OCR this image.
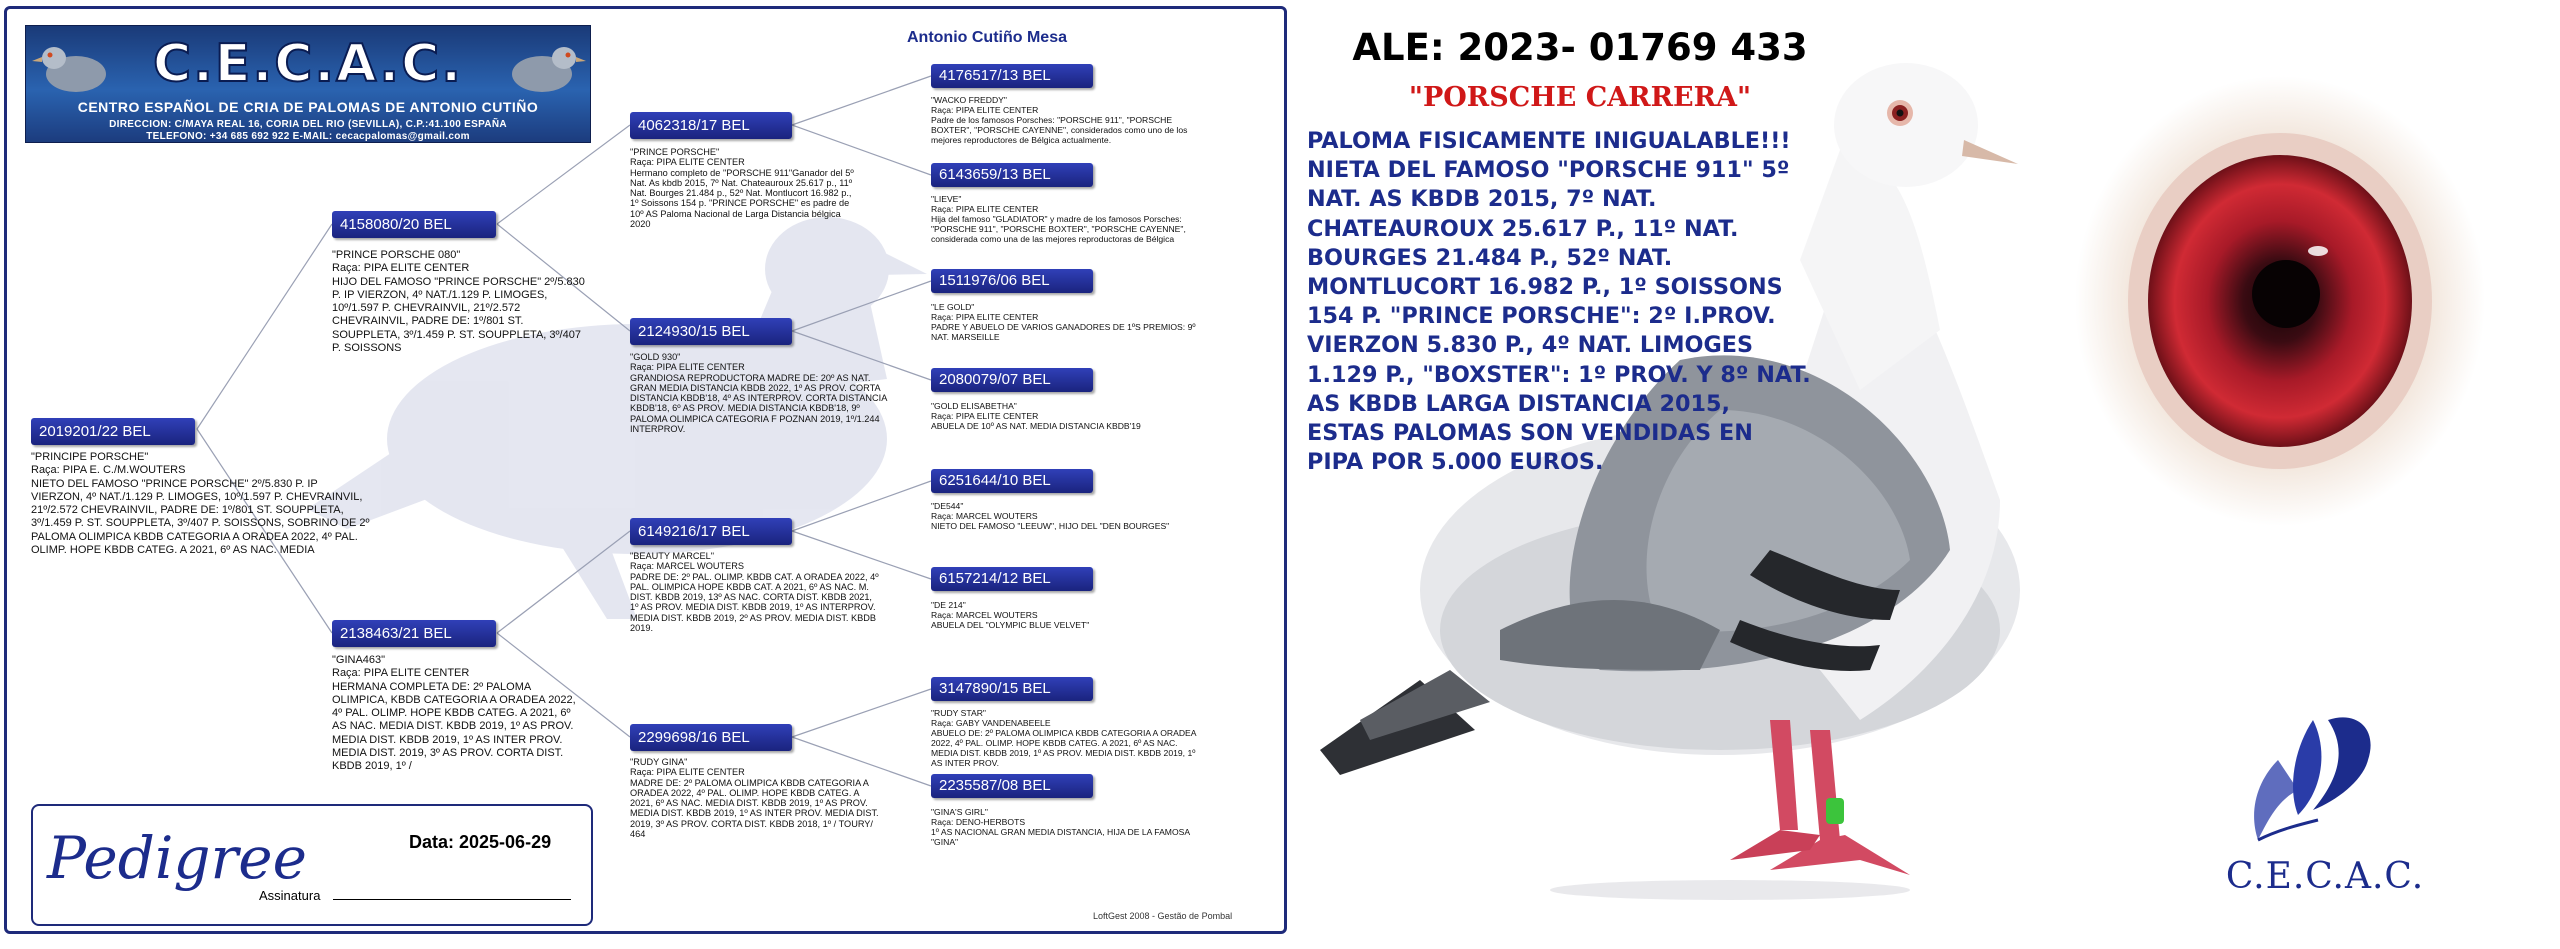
C.E.C.A.C.
CENTRO ESPAÑOL DE CRIA DE PALOMAS DE ANTONIO CUTIÑO
DIRECCION: C/MAYA REAL 16, CORIA DEL RIO (SEVILLA), C.P.:41.100 ESPAÑA
TELEFONO: +34 685 692 922 E-MAIL: cecacpalomas@gmail.com
Antonio Cutiño Mesa
2019201/22 BEL
"PRINCIPE PORSCHE"
Raça: PIPA E. C./M.WOUTERS
NIETO DEL FAMOSO "PRINCE PORSCHE" 2º/5.830 P. IP VIERZON, 4º NAT./1.129 P. LIMOGES, 10º/1.597 P. CHEVRAINVIL, 21º/2.572 CHEVRAINVIL, PADRE DE: 1º/801 ST. SOUPPLETA, 3º/1.459 P. ST. SOUPPLETA, 3º/407 P. SOISSONS, SOBRINO DE 2º PALOMA OLIMPICA KBDB CATEGORIA A ORADEA 2022, 4º PAL. OLIMP. HOPE KBDB CATEG. A 2021, 6º AS NAC. MEDIA
4158080/20 BEL
"PRINCE PORSCHE 080"
Raça: PIPA ELITE CENTER
HIJO DEL FAMOSO "PRINCE PORSCHE" 2º/5.830 P. IP VIERZON, 4º NAT./1.129 P. LIMOGES, 10º/1.597 P. CHEVRAINVIL, 21º/2.572 CHEVRAINVIL, PADRE DE: 1º/801 ST. SOUPPLETA, 3º/1.459 P. ST. SOUPPLETA, 3º/407 P. SOISSONS
2138463/21 BEL
"GINA463"
Raça: PIPA ELITE CENTER
HERMANA COMPLETA DE: 2º PALOMA OLIMPICA, KBDB CATEGORIA A ORADEA 2022, 4º PAL. OLIMP. HOPE KBDB CATEG. A 2021, 6º AS NAC. MEDIA DIST. KBDB 2019, 1º AS PROV. MEDIA DIST. KBDB 2019, 1º AS INTER PROV. MEDIA DIST. 2019, 3º AS PROV. CORTA DIST. KBDB 2019, 1º /
4062318/17 BEL
"PRINCE PORSCHE"
Raça: PIPA ELITE CENTER
Hermano completo de "PORSCHE 911"Ganador del 5º Nat. As kbdb 2015, 7º Nat. Chateauroux 25.617 p., 11º Nat. Bourges 21.484 p., 52º Nat. Montlucort 16.982 p., 1º Soissons 154 p. "PRINCE PORSCHE" es padre de 10º AS Paloma Nacional de Larga Distancia bélgica 2020
2124930/15 BEL
"GOLD 930"
Raça: PIPA ELITE CENTER
GRANDIOSA REPRODUCTORA MADRE DE: 20º AS NAT. GRAN MEDIA DISTANCIA KBDB 2022, 1º AS PROV. CORTA DISTANCIA KBDB'18, 4º AS INTERPROV. CORTA DISTANCIA KBDB'18, 6º AS PROV. MEDIA DISTANCIA KBDB'18, 9º PALOMA OLIMPICA CATEGORIA F POZNAN 2019, 1º/1.244 INTERPROV.
6149216/17 BEL
"BEAUTY MARCEL"
Raça: MARCEL WOUTERS
PADRE DE: 2º PAL. OLIMP. KBDB CAT. A ORADEA 2022, 4º PAL. OLIMPICA HOPE KBDB CAT. A 2021, 6º AS NAC. M. DIST. KBDB 2019, 13º AS NAC. CORTA DIST. KBDB 2021, 1º AS PROV. MEDIA DIST. KBDB 2019, 1º AS INTERPROV. MEDIA DIST. KBDB 2019, 2º AS PROV. MEDIA DIST. KBDB 2019.
2299698/16 BEL
"RUDY GINA"
Raça: PIPA ELITE CENTER
MADRE DE: 2º PALOMA OLIMPICA KBDB CATEGORIA A ORADEA 2022, 4º PAL. OLIMP. HOPE KBDB CATEG. A 2021, 6º AS NAC. MEDIA DIST. KBDB 2019, 1º AS PROV. MEDIA DIST. KBDB 2019, 1º AS INTER PROV. MEDIA DIST. 2019, 3º AS PROV. CORTA DIST. KBDB 2018, 1º / TOURY/ 464
4176517/13 BEL
"WACKO FREDDY"
Raça: PIPA ELITE CENTER
Padre de los famosos Porsches: "PORSCHE 911", "PORSCHE BOXTER", "PORSCHE CAYENNE", considerados como uno de los mejores reproductores de Bélgica actualmente.
6143659/13 BEL
"LIEVE"
Raça: PIPA ELITE CENTER
Hija del famoso "GLADIATOR" y madre de los famosos Porsches: "PORSCHE 911", "PORSCHE BOXTER", "PORSCHE CAYENNE", considerada como una de las mejores reproductoras de Bélgica
1511976/06 BEL
"LE GOLD"
Raça: PIPA ELITE CENTER
PADRE Y ABUELO DE VARIOS GANADORES DE 1ºS PREMIOS: 9º NAT. MARSEILLE
2080079/07 BEL
"GOLD ELISABETHA"
Raça: PIPA ELITE CENTER
ABUELA DE 10º AS NAT. MEDIA DISTANCIA KBDB'19
6251644/10 BEL
"DE544"
Raça: MARCEL WOUTERS
NIETO DEL FAMOSO "LEEUW", HIJO DEL "DEN BOURGES"
6157214/12 BEL
"DE 214"
Raça: MARCEL WOUTERS
ABUELA DEL "OLYMPIC BLUE VELVET"
3147890/15 BEL
"RUDY STAR"
Raça: GABY VANDENABEELE
ABUELO DE: 2º PALOMA OLIMPICA KBDB CATEGORIA A ORADEA 2022, 4º PAL. OLIMP. HOPE KBDB CATEG. A 2021, 6º AS NAC. MEDIA DIST. KBDB 2019, 1º AS PROV. MEDIA DIST. KBDB 2019, 1º AS INTER PROV.
2235587/08 BEL
"GINA'S GIRL"
Raça: DENO-HERBOTS
1º AS NACIONAL GRAN MEDIA DISTANCIA, HIJA DE LA FAMOSA "GINA"
Pedigree	Data: 2025-06-29
Assinatura
LoftGest 2008 - Gestão de Pombal
ALE: 2023- 01769 433
"PORSCHE CARRERA"
PALOMA FISICAMENTE INIGUALABLE!!! NIETA DEL FAMOSO "PORSCHE 911" 5º NAT. AS KBDB 2015, 7º NAT. CHATEAUROUX 25.617 P., 11º NAT. BOURGES 21.484 P., 52º NAT. MONTLUCORT 16.982 P., 1º SOISSONS 154 P. "PRINCE PORSCHE": 2º I.PROV. VIERZON 5.830 P., 4º NAT. LIMOGES 1.129 P., "BOXSTER": 1º PROV. Y 8º NAT. AS KBDB LARGA DISTANCIA 2015, ESTAS PALOMAS SON VENDIDAS EN PIPA POR 5.000 EUROS.
C.E.C.A.C.
